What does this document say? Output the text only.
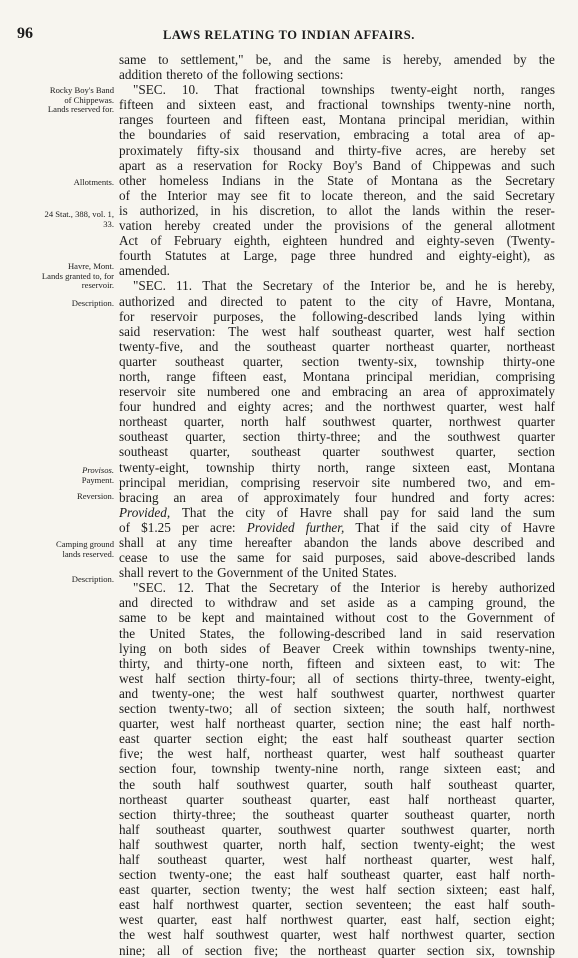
96	LAWS RELATING TO INDIAN AFFAIRS.
Rocky Boy's Band
of Chippewas.
Lands reserved for.
Allotments.
24 Stat., 388, vol. 1,
33.
Havre, Mont.
Lands granted to, for
reservoir.
Description.
Provisos.
Payment.
Reversion.
Camping ground
lands reserved.
Description.
same to settlement," be, and the same is hereby, amended by the
addition thereto of the following sections:
"SEC. 10. That fractional townships twenty-eight north, ranges
fifteen and sixteen east, and fractional townships twenty-nine north,
ranges fourteen and fifteen east, Montana principal meridian, within
the boundaries of said reservation, embracing a total area of ap-
proximately fifty-six thousand and thirty-five acres, are hereby set
apart as a reservation for Rocky Boy's Band of Chippewas and such
other homeless Indians in the State of Montana as the Secretary
of the Interior may see fit to locate thereon, and the said Secretary
is authorized, in his discretion, to allot the lands within the reser-
vation hereby created under the provisions of the general allotment
Act of February eighth, eighteen hundred and eighty-seven (Twenty-
fourth Statutes at Large, page three hundred and eighty-eight), as
amended.
"SEC. 11. That the Secretary of the Interior be, and he is hereby,
authorized and directed to patent to the city of Havre, Montana,
for reservoir purposes, the following-described lands lying within
said reservation: The west half southeast quarter, west half section
twenty-five, and the southeast quarter northeast quarter, northeast
quarter southeast quarter, section twenty-six, township thirty-one
north, range fifteen east, Montana principal meridian, comprising
reservoir site numbered one and embracing an area of approximately
four hundred and eighty acres; and the northwest quarter, west half
northeast quarter, north half southwest quarter, northwest quarter
southeast quarter, section thirty-three; and the southwest quarter
southeast quarter, southeast quarter southwest quarter, section
twenty-eight, township thirty north, range sixteen east, Montana
principal meridian, comprising reservoir site numbered two, and em-
bracing an area of approximately four hundred and forty acres:
Provided, That the city of Havre shall pay for said land the sum
of $1.25 per acre: Provided further, That if the said city of Havre
shall at any time hereafter abandon the lands above described and
cease to use the same for said purposes, said above-described lands
shall revert to the Government of the United States.
"SEC. 12. That the Secretary of the Interior is hereby authorized
and directed to withdraw and set aside as a camping ground, the
same to be kept and maintained without cost to the Government of
the United States, the following-described land in said reservation
lying on both sides of Beaver Creek within townships twenty-nine,
thirty, and thirty-one north, fifteen and sixteen east, to wit: The
west half section thirty-four; all of sections thirty-three, twenty-eight,
and twenty-one; the west half southwest quarter, northwest quarter
section twenty-two; all of section sixteen; the south half, northwest
quarter, west half northeast quarter, section nine; the east half north-
east quarter section eight; the east half southeast quarter section
five; the west half, northeast quarter, west half southeast quarter
section four, township twenty-nine north, range sixteen east; and
the south half southwest quarter, south half southeast quarter,
northeast quarter southeast quarter, east half northeast quarter,
section thirty-three; the southeast quarter southeast quarter, north
half southeast quarter, southwest quarter southwest quarter, north
half southwest quarter, north half, section twenty-eight; the west
half southeast quarter, west half northeast quarter, west half,
section twenty-one; the east half southeast quarter, east half north-
east quarter, section twenty; the west half section sixteen; east half,
east half northwest quarter, section seventeen; the east half south-
west quarter, east half northwest quarter, east half, section eight;
the west half southwest quarter, west half northwest quarter, section
nine; all of section five; the northeast quarter section six, township
